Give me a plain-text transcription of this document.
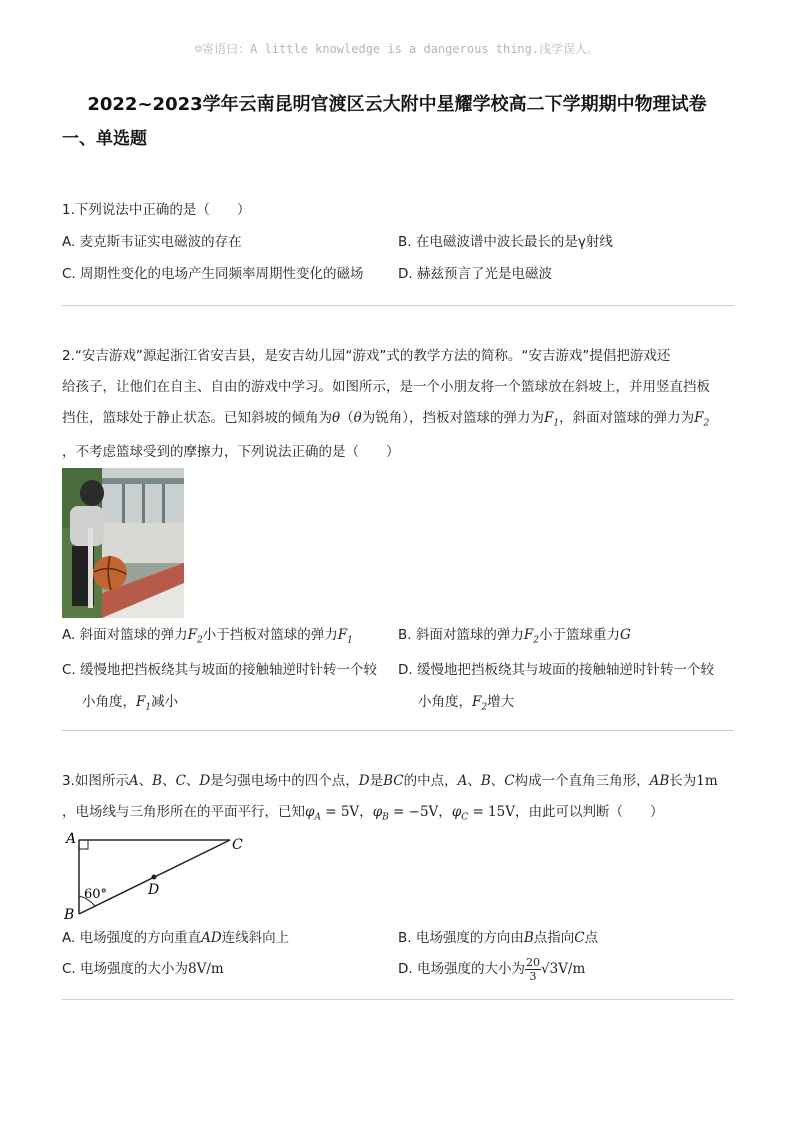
☺寄语曰：A little knowledge is a dangerous thing.浅学误人。
2022~2023学年云南昆明官渡区云大附中星耀学校高二下学期期中物理试卷
一、单选题

1.下列说法中正确的是（　　）

A. 麦克斯韦证实电磁波的存在	B. 在电磁波谱中波长最长的是γ射线
C. 周期性变化的电场产生同频率周期性变化的磁场	D. 赫兹预言了光是电磁波
2.“安吉游戏”源起浙江省安吉县，是安吉幼儿园“游戏”式的教学方法的简称。“安吉游戏”提倡把游戏还
给孩子，让他们在自主、自由的游戏中学习。如图所示，是一个小朋友将一个篮球放在斜坡上，并用竖直挡板
挡住，篮球处于静止状态。已知斜坡的倾角为θ（θ为锐角），挡板对篮球的弹力为$F_1$，斜面对篮球的弹力为$F_2$
，不考虑篮球受到的摩擦力，下列说法正确的是（　　）
A. 斜面对篮球的弹力$F_2$小于挡板对篮球的弹力$F_1$	B. 斜面对篮球的弹力$F_2$小于篮球重力G
C. 缓慢地把挡板绕其与坡面的接触轴逆时针转一个较
小角度，$F_1$减小
D. 缓慢地把挡板绕其与坡面的接触轴逆时针转一个较
小角度，$F_2$增大
3.如图所示A、B、C、D是匀强电场中的四个点，D是BC的中点，A、B、C构成一个直角三角形，AB长为1m
，电场线与三角形所在的平面平行，已知$\varphi_A = 5V$，$\varphi_B = -5V$，$\varphi_C = 15V$，由此可以判断（　　）
A
B
C
D
60°
A. 电场强度的方向重直AD连线斜向上	B. 电场强度的方向由B点指向C点
C. 电场强度的大小为8V/m	D. 电场强度的大小为 $\frac{20}{3} √3V/m$
